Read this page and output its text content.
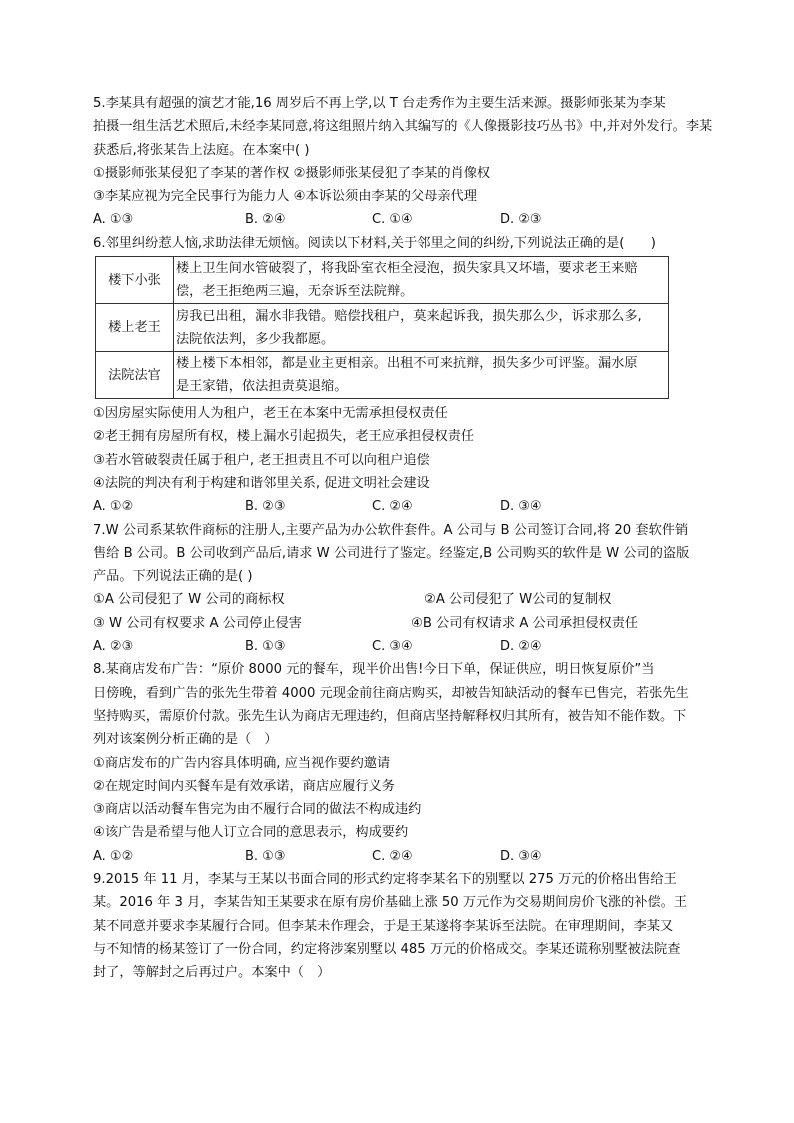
5.李某具有超强的演艺才能,16 周岁后不再上学,以 T 台走秀作为主要生活来源。摄影师张某为李某
拍摄一组生活艺术照后,未经李某同意,将这组照片纳入其编写的《人像摄影技巧丛书》中,并对外发行。李某
获悉后,将张某告上法庭。在本案中( )
①摄影师张某侵犯了李某的著作权 ②摄影师张某侵犯了李某的肖像权
③李某应视为完全民事行为能力人 ④本诉讼须由李某的父母亲代理
A. ①③	B. ②④	C. ①④	D. ②③
6.邻里纠纷惹人恼,求助法律无烦恼。阅读以下材料,关于邻里之间的纠纷,下列说法正确的是(　　)
楼下小张	楼上卫生间水管破裂了，将我卧室衣柜全浸泡，损失家具又坏墙，要求老王来赔
偿，老王拒绝两三遍，无奈诉至法院辩。

楼上老王	房我已出租，漏水非我错。赔偿找租户，莫来起诉我，损失那么少，诉求那么多,
法院依法判，多少我都愿。

法院法官	楼上楼下本相邻，都是业主更相亲。出租不可来抗辩，损失多少可评鉴。漏水原
是王家错，依法担责莫退缩。
①因房屋实际使用人为租户，老王在本案中无需承担侵权责任
②老王拥有房屋所有权，楼上漏水引起损失，老王应承担侵权责任
③若水管破裂责任属于租户, 老王担责且不可以向租户追偿
④法院的判决有利于构建和谐邻里关系, 促进文明社会建设
A. ①②	B. ②③	C. ②④	D. ③④
7.W 公司系某软件商标的注册人,主要产品为办公软件套件。A 公司与 B 公司签订合同,将 20 套软件销
售给 B 公司。B 公司收到产品后,请求 W 公司进行了鉴定。经鉴定,B 公司购买的软件是 W 公司的盗版
产品。下列说法正确的是( )
①A 公司侵犯了 W 公司的商标权	②A 公司侵犯了 W公司的复制权
③ W 公司有权要求 A 公司停止侵害	④B 公司有权请求 A 公司承担侵权责任
A. ②③	B. ①③	C. ③④	D. ②④
8.某商店发布广告：“原价 8000 元的餐车，现半价出售!今日下单，保证供应，明日恢复原价”当
日傍晚，看到广告的张先生带着 4000 元现金前往商店购买，却被告知缺活动的餐车已售完，若张先生
坚持购买，需原价付款。张先生认为商店无理违约，但商店坚持解释权归其所有，被告知不能作数。下
列对该案例分析正确的是（　）
①商店发布的广告内容具体明确, 应当视作要约邀请
②在规定时间内买餐车是有效承诺，商店应履行义务
③商店以活动餐车售完为由不履行合同的做法不构成违约
④该广告是希望与他人订立合同的意思表示，构成要约
A. ①②	B. ①③	C. ②④	D. ③④
9.2015 年 11 月，李某与王某以书面合同的形式约定将李某名下的别墅以 275 万元的价格出售给王
某。2016 年 3 月，李某告知王某要求在原有房价基础上涨 50 万元作为交易期间房价飞涨的补偿。王
某不同意并要求李某履行合同。但李某未作理会，于是王某遂将李某诉至法院。在审理期间，李某又
与不知情的杨某签订了一份合同，约定将涉案别墅以 485 万元的价格成交。李某还谎称别墅被法院查
封了，等解封之后再过户。本案中（　）
